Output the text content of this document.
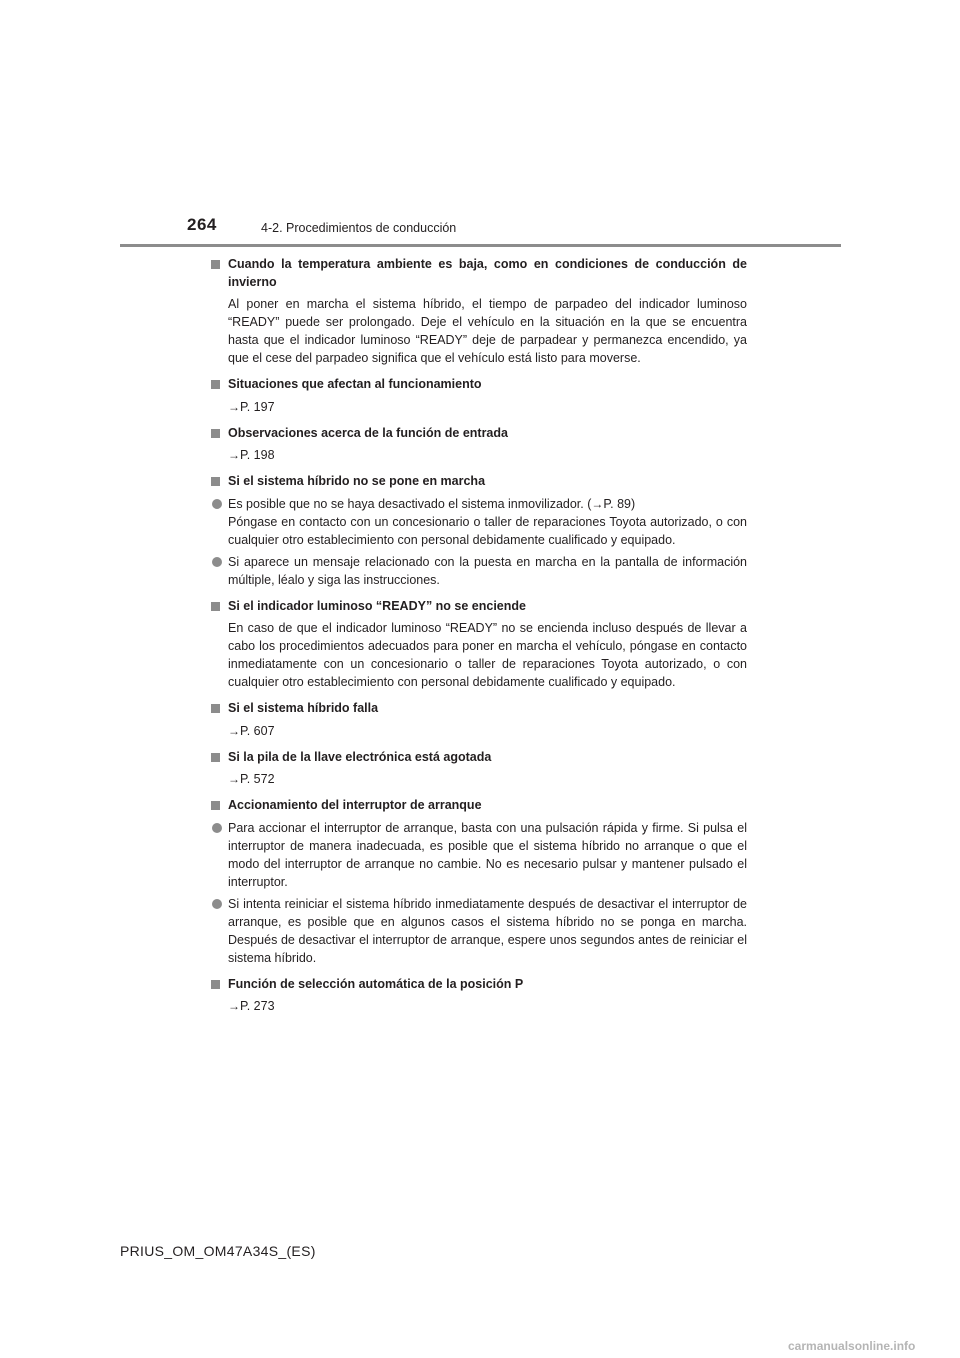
264	4-2. Procedimientos de conducción
Cuando la temperatura ambiente es baja, como en condiciones de conducción de invierno
Al poner en marcha el sistema híbrido, el tiempo de parpadeo del indicador luminoso “READY” puede ser prolongado. Deje el vehículo en la situación en la que se encuentra hasta que el indicador luminoso “READY” deje de parpadear y permanezca encendido, ya que el cese del parpadeo significa que el vehículo está listo para moverse.
Situaciones que afectan al funcionamiento
→P. 197
Observaciones acerca de la función de entrada
→P. 198
Si el sistema híbrido no se pone en marcha
Es posible que no se haya desactivado el sistema inmovilizador. (→P. 89)
Póngase en contacto con un concesionario o taller de reparaciones Toyota autorizado, o con cualquier otro establecimiento con personal debidamente cualificado y equipado.
Si aparece un mensaje relacionado con la puesta en marcha en la pantalla de información múltiple, léalo y siga las instrucciones.
Si el indicador luminoso “READY” no se enciende
En caso de que el indicador luminoso “READY” no se encienda incluso después de llevar a cabo los procedimientos adecuados para poner en marcha el vehículo, póngase en contacto inmediatamente con un concesionario o taller de reparaciones Toyota autorizado, o con cualquier otro establecimiento con personal debidamente cualificado y equipado.
Si el sistema híbrido falla
→P. 607
Si la pila de la llave electrónica está agotada
→P. 572
Accionamiento del interruptor de arranque
Para accionar el interruptor de arranque, basta con una pulsación rápida y firme. Si pulsa el interruptor de manera inadecuada, es posible que el sistema híbrido no arranque o que el modo del interruptor de arranque no cambie. No es necesario pulsar y mantener pulsado el interruptor.
Si intenta reiniciar el sistema híbrido inmediatamente después de desactivar el interruptor de arranque, es posible que en algunos casos el sistema híbrido no se ponga en marcha. Después de desactivar el interruptor de arranque, espere unos segundos antes de reiniciar el sistema híbrido.
Función de selección automática de la posición P
→P. 273
PRIUS_OM_OM47A34S_(ES)
carmanualsonline.info
